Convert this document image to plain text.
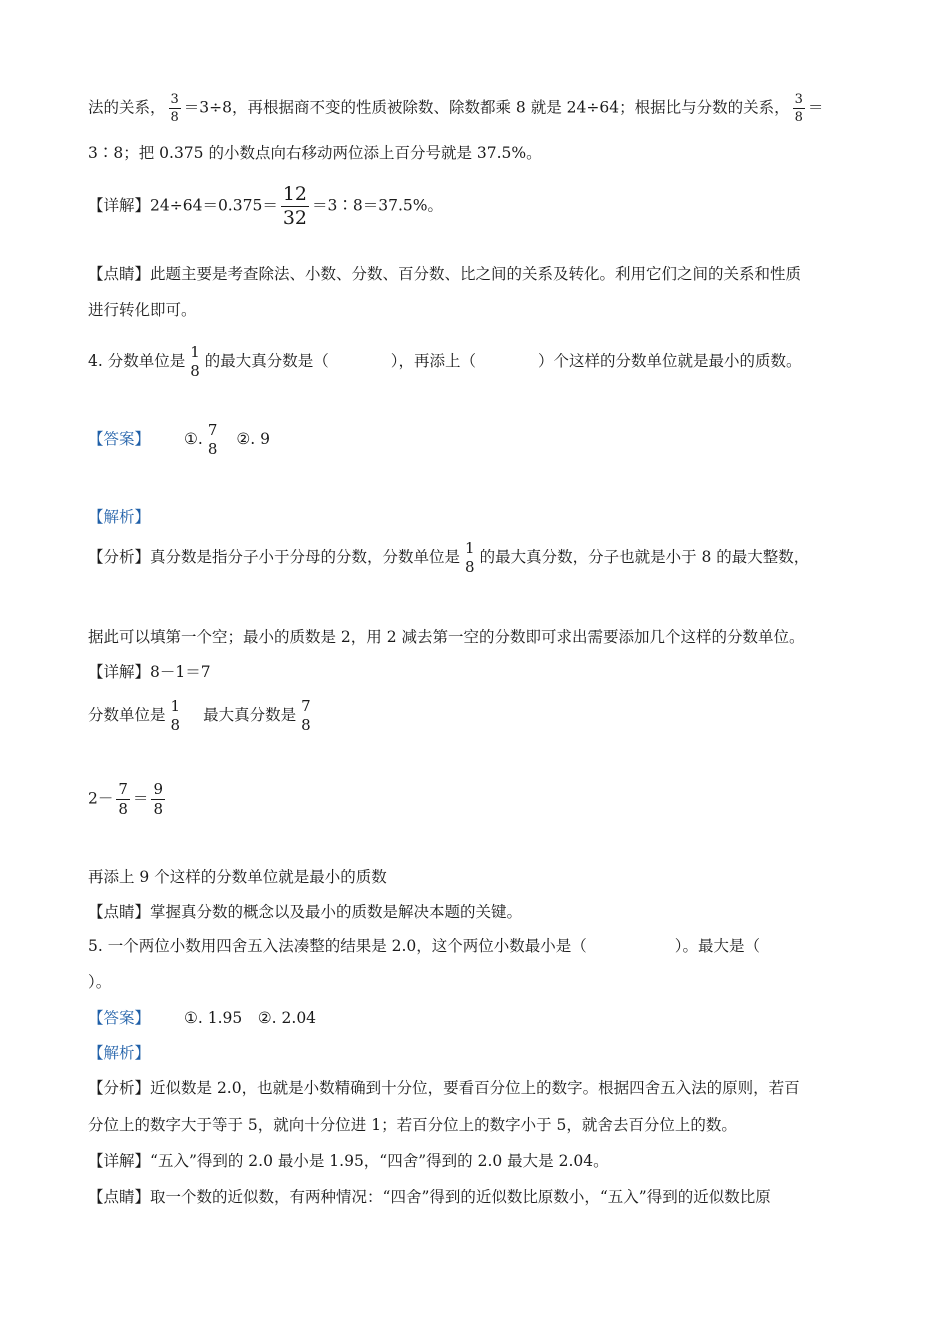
法的关系， $\frac{3}{8} =3\div 8$，再根据商不变的性质被除数、除数都乘 8 就是 24÷64；根据比与分数的关系， $\frac{3}{8}$ ＝
3∶8；把 0.375 的小数点向右移动两位添上百分号就是 37.5%。
【详解】$24\div 64=0.375= \frac{12}{32}$ ＝3∶8＝37.5%。
【点睛】此题主要是考查除法、小数、分数、百分数、比之间的关系及转化。利用它们之间的关系和性质
进行转化即可。
4. 分数单位是 1
8
的最大真分数是（	），再添上（	）个这样的分数单位就是最小的质数。
【答案】 ①. 7
8
②. 9
【解析】
【分析】真分数是指分子小于分母的分数，分数单位是 1
8
的最大真分数，分子也就是小于 8 的最大整数，
据此可以填第一个空；最小的质数是 2，用 2 减去第一空的分数即可求出需要添加几个这样的分数单位。
【详解】8－1＝7
分数单位是 1
8
最大真分数是 7
8
$2- \frac{7}{8} = \frac{9}{8}$
再添上 9 个这样的分数单位就是最小的质数
【点睛】掌握真分数的概念以及最小的质数是解决本题的关键。
5. 一个两位小数用四舍五入法凑整的结果是 2.0，这个两位小数最小是（	）。最大是（
）。
【答案】 ①. 1.95　②. 2.04
【解析】
【分析】近似数是 2.0，也就是小数精确到十分位，要看百分位上的数字。根据四舍五入法的原则，若百
分位上的数字大于等于 5，就向十分位进 1；若百分位上的数字小于 5，就舍去百分位上的数。
【详解】“五入”得到的 2.0 最小是 1.95，“四舍”得到的 2.0 最大是 2.04。
【点睛】取一个数的近似数，有两种情况：“四舍”得到的近似数比原数小，“五入”得到的近似数比原
